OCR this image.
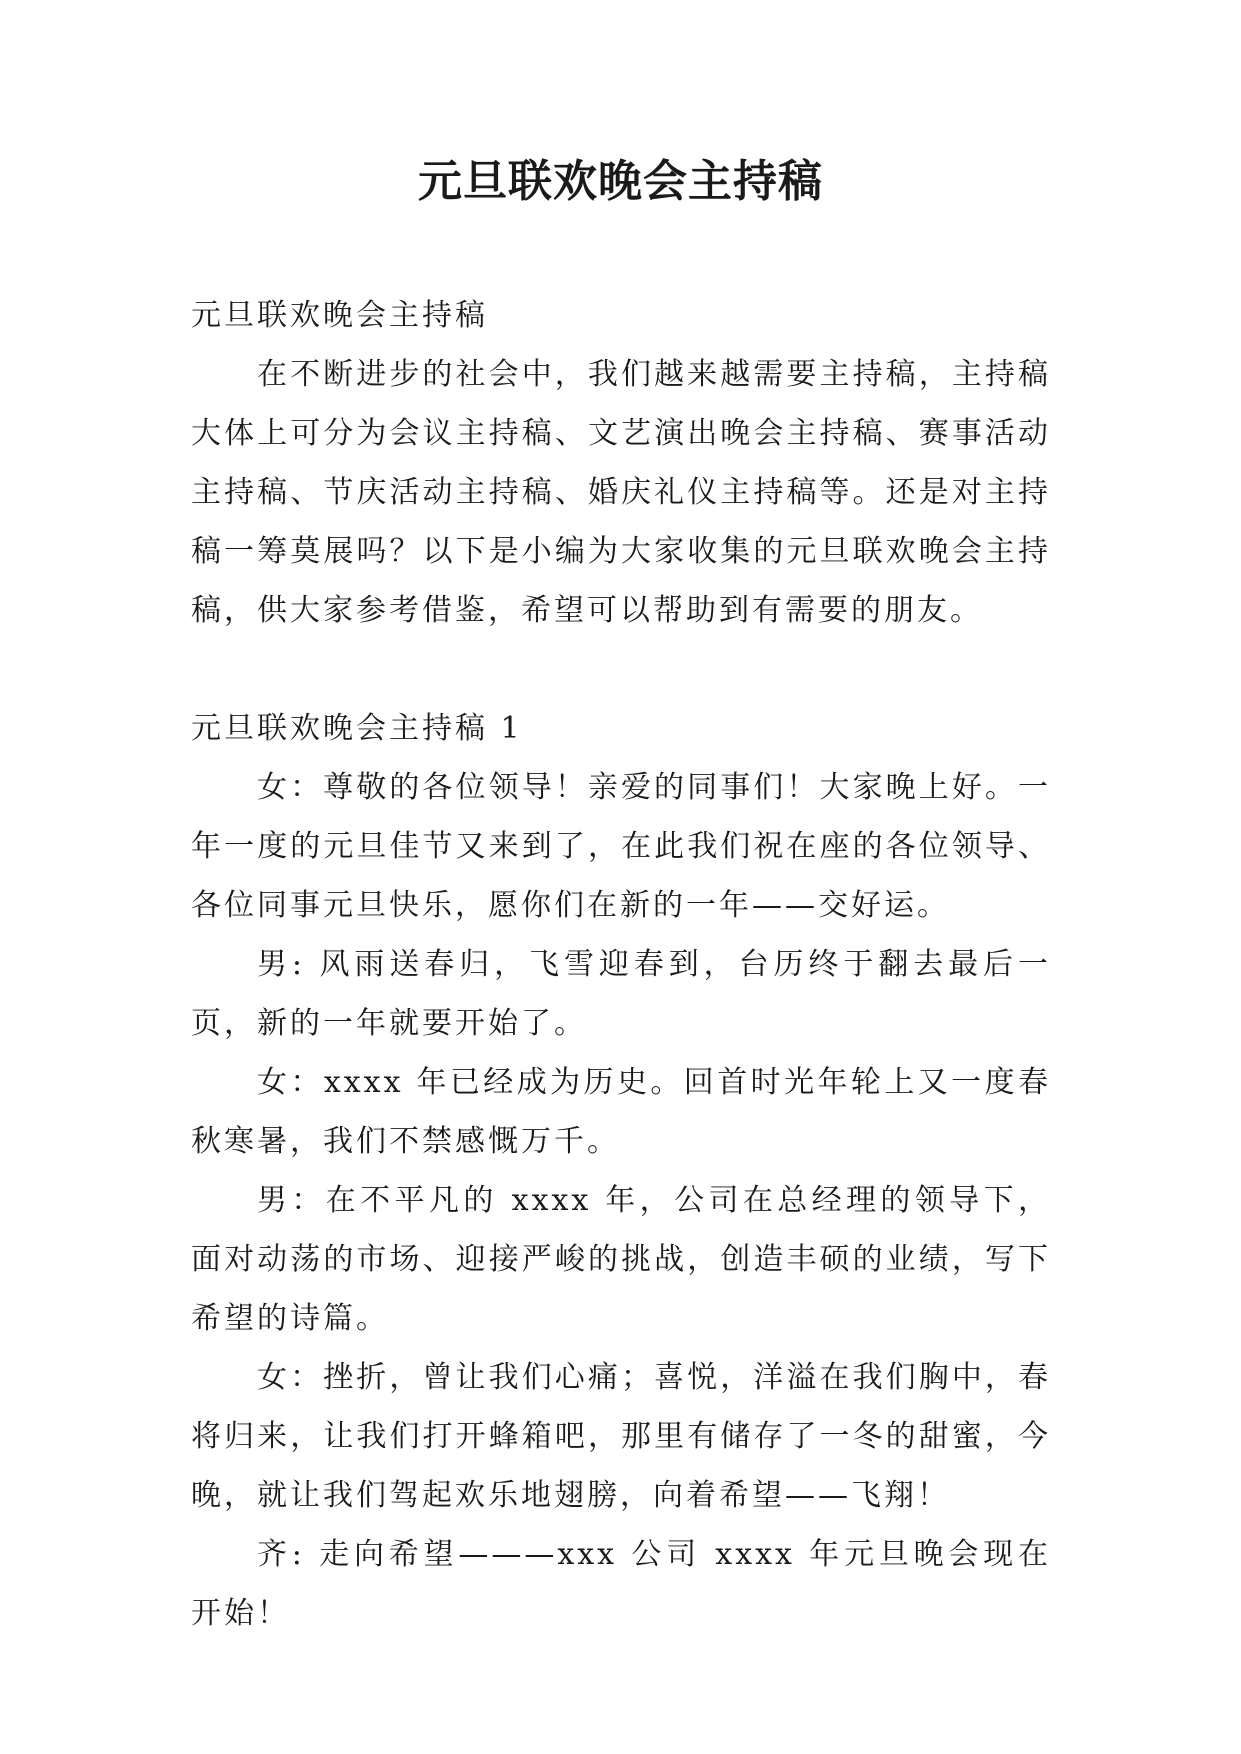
元旦联欢晚会主持稿

元旦联欢晚会主持稿

在不断进步的社会中，我们越来越需要主持稿，主持稿大体上可分为会议主持稿、文艺演出晚会主持稿、赛事活动主持稿、节庆活动主持稿、婚庆礼仪主持稿等。还是对主持稿一筹莫展吗？以下是小编为大家收集的元旦联欢晚会主持稿，供大家参考借鉴，希望可以帮助到有需要的朋友。

元旦联欢晚会主持稿 1

女：尊敬的各位领导！亲爱的同事们！大家晚上好。一年一度的元旦佳节又来到了，在此我们祝在座的各位领导、各位同事元旦快乐，愿你们在新的一年——交好运。

男: 风雨送春归，飞雪迎春到，台历终于翻去最后一页，新的一年就要开始了。

女：xxxx 年已经成为历史。回首时光年轮上又一度春秋寒暑，我们不禁感慨万千。

男：在不平凡的 xxxx 年，公司在总经理的领导下，面对动荡的市场、迎接严峻的挑战，创造丰硕的业绩，写下希望的诗篇。

女：挫折，曾让我们心痛；喜悦，洋溢在我们胸中，春将归来，让我们打开蜂箱吧，那里有储存了一冬的甜蜜，今晚，就让我们驾起欢乐地翅膀，向着希望——飞翔！

齐: 走向希望———xxx 公司 xxxx 年元旦晚会现在开始！
